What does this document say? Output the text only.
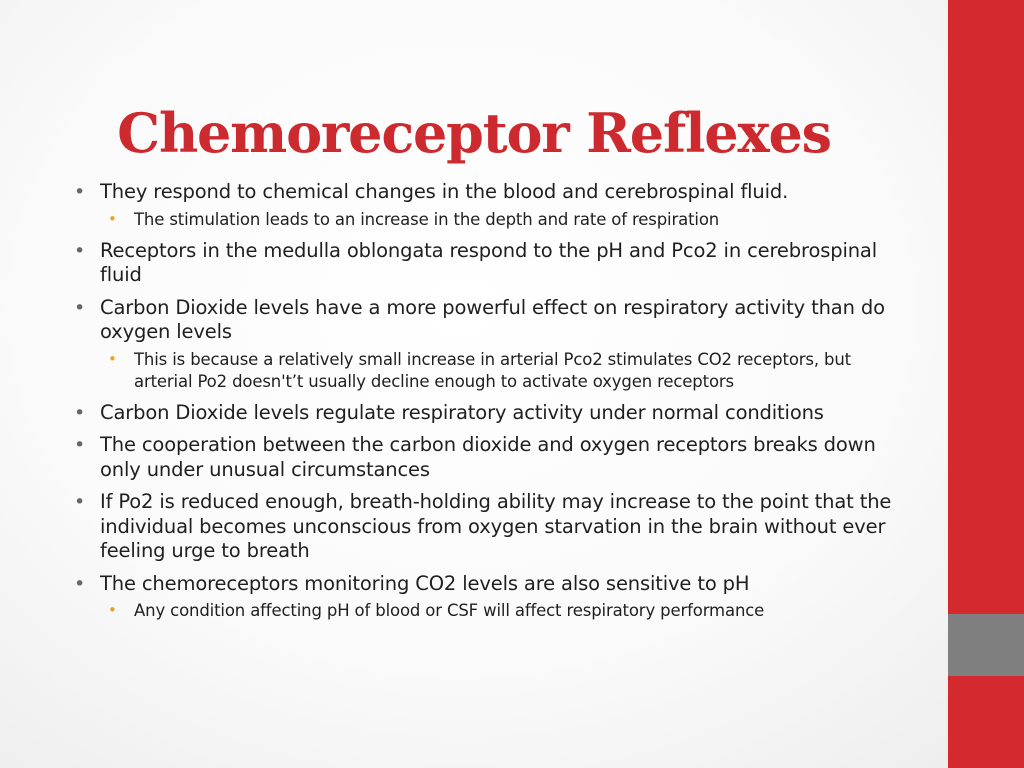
Chemoreceptor Reflexes
• They respond to chemical changes in the blood and cerebrospinal fluid.
• The stimulation leads to an increase in the depth and rate of respiration
• Receptors in the medulla oblongata respond to the pH and Pco2 in cerebrospinal fluid
• Carbon Dioxide levels have a more powerful effect on respiratory activity than do oxygen levels
• This is because a relatively small increase in arterial Pco2 stimulates CO2 receptors, but arterial Po2 doesn't’t usually decline enough to activate oxygen receptors
• Carbon Dioxide levels regulate respiratory activity under normal conditions
• The cooperation between the carbon dioxide and oxygen receptors breaks down only under unusual circumstances
• If Po2 is reduced enough, breath-holding ability may increase to the point that the individual becomes unconscious from oxygen starvation in the brain without ever feeling urge to breath
• The chemoreceptors monitoring CO2 levels are also sensitive to pH
• Any condition affecting pH of blood or CSF will affect respiratory performance
